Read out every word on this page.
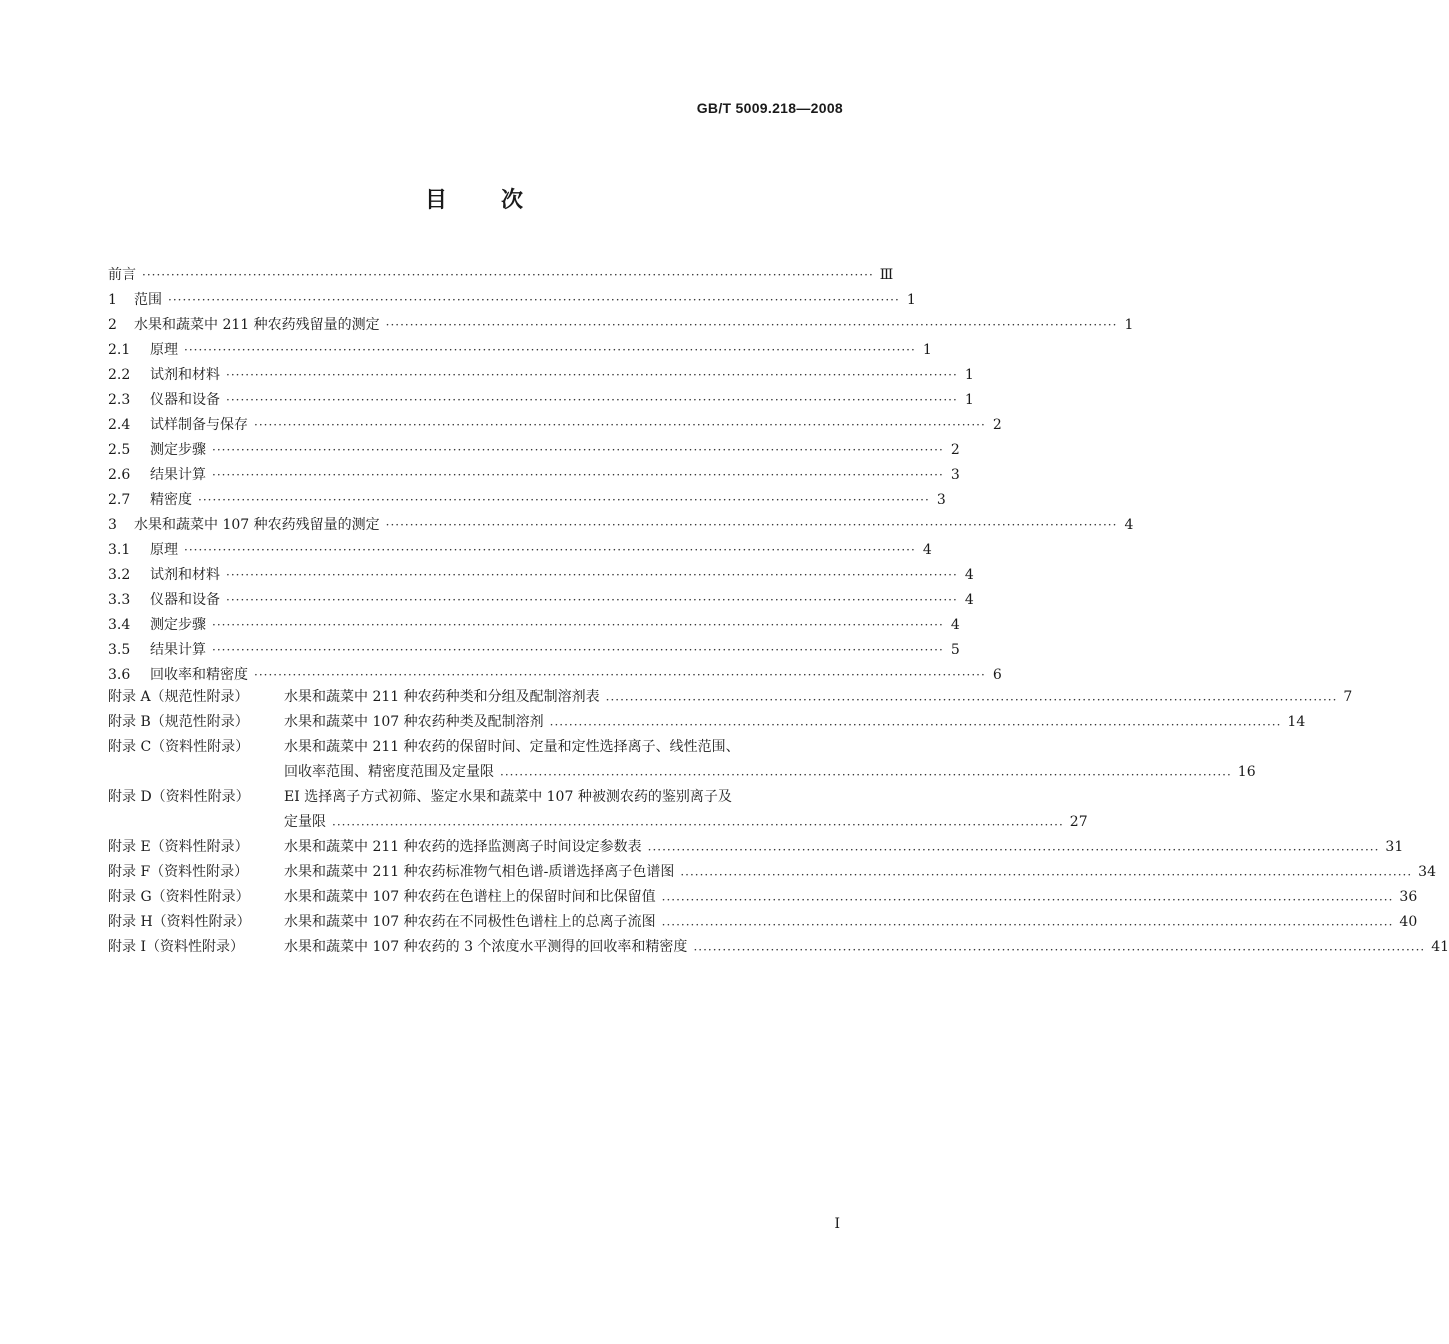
GB/T 5009.218—2008
目 次
前言 ·····	Ⅲ
1 范围 ·····	1
2 水果和蔬菜中 211 种农药残留量的测定 ·····	1
2.1 原理 ·····	1
2.2 试剂和材料 ·····	1
2.3 仪器和设备 ·····	1
2.4 试样制备与保存 ·····	2
2.5 测定步骤 ·····	2
2.6 结果计算 ·····	3
2.7 精密度 ·····	3
3 水果和蔬菜中 107 种农药残留量的测定 ·····	4
3.1 原理 ·····	4
3.2 试剂和材料 ·····	4
3.3 仪器和设备 ·····	4
3.4 测定步骤 ·····	4
3.5 结果计算 ·····	5
3.6 回收率和精密度 ·····	6
附录 A（规范性附录）	水果和蔬菜中 211 种农药种类和分组及配制溶剂表 ·····	7
附录 B（规范性附录）	水果和蔬菜中 107 种农药种类及配制溶剂 ·····	14
附录 C（资料性附录）	水果和蔬菜中 211 种农药的保留时间、定量和定性选择离子、线性范围、
回收率范围、精密度范围及定量限 ·····	16
附录 D（资料性附录）	EI 选择离子方式初筛、鉴定水果和蔬菜中 107 种被测农药的鉴别离子及
定量限 ·····	27
附录 E（资料性附录）	水果和蔬菜中 211 种农药的选择监测离子时间设定参数表 ·····	31
附录 F（资料性附录）	水果和蔬菜中 211 种农药标准物气相色谱-质谱选择离子色谱图 ·····	34
附录 G（资料性附录）	水果和蔬菜中 107 种农药在色谱柱上的保留时间和比保留值 ·····	36
附录 H（资料性附录）	水果和蔬菜中 107 种农药在不同极性色谱柱上的总离子流图 ·····	40
附录 I（资料性附录）	水果和蔬菜中 107 种农药的 3 个浓度水平测得的回收率和精密度 ·····	41
I
